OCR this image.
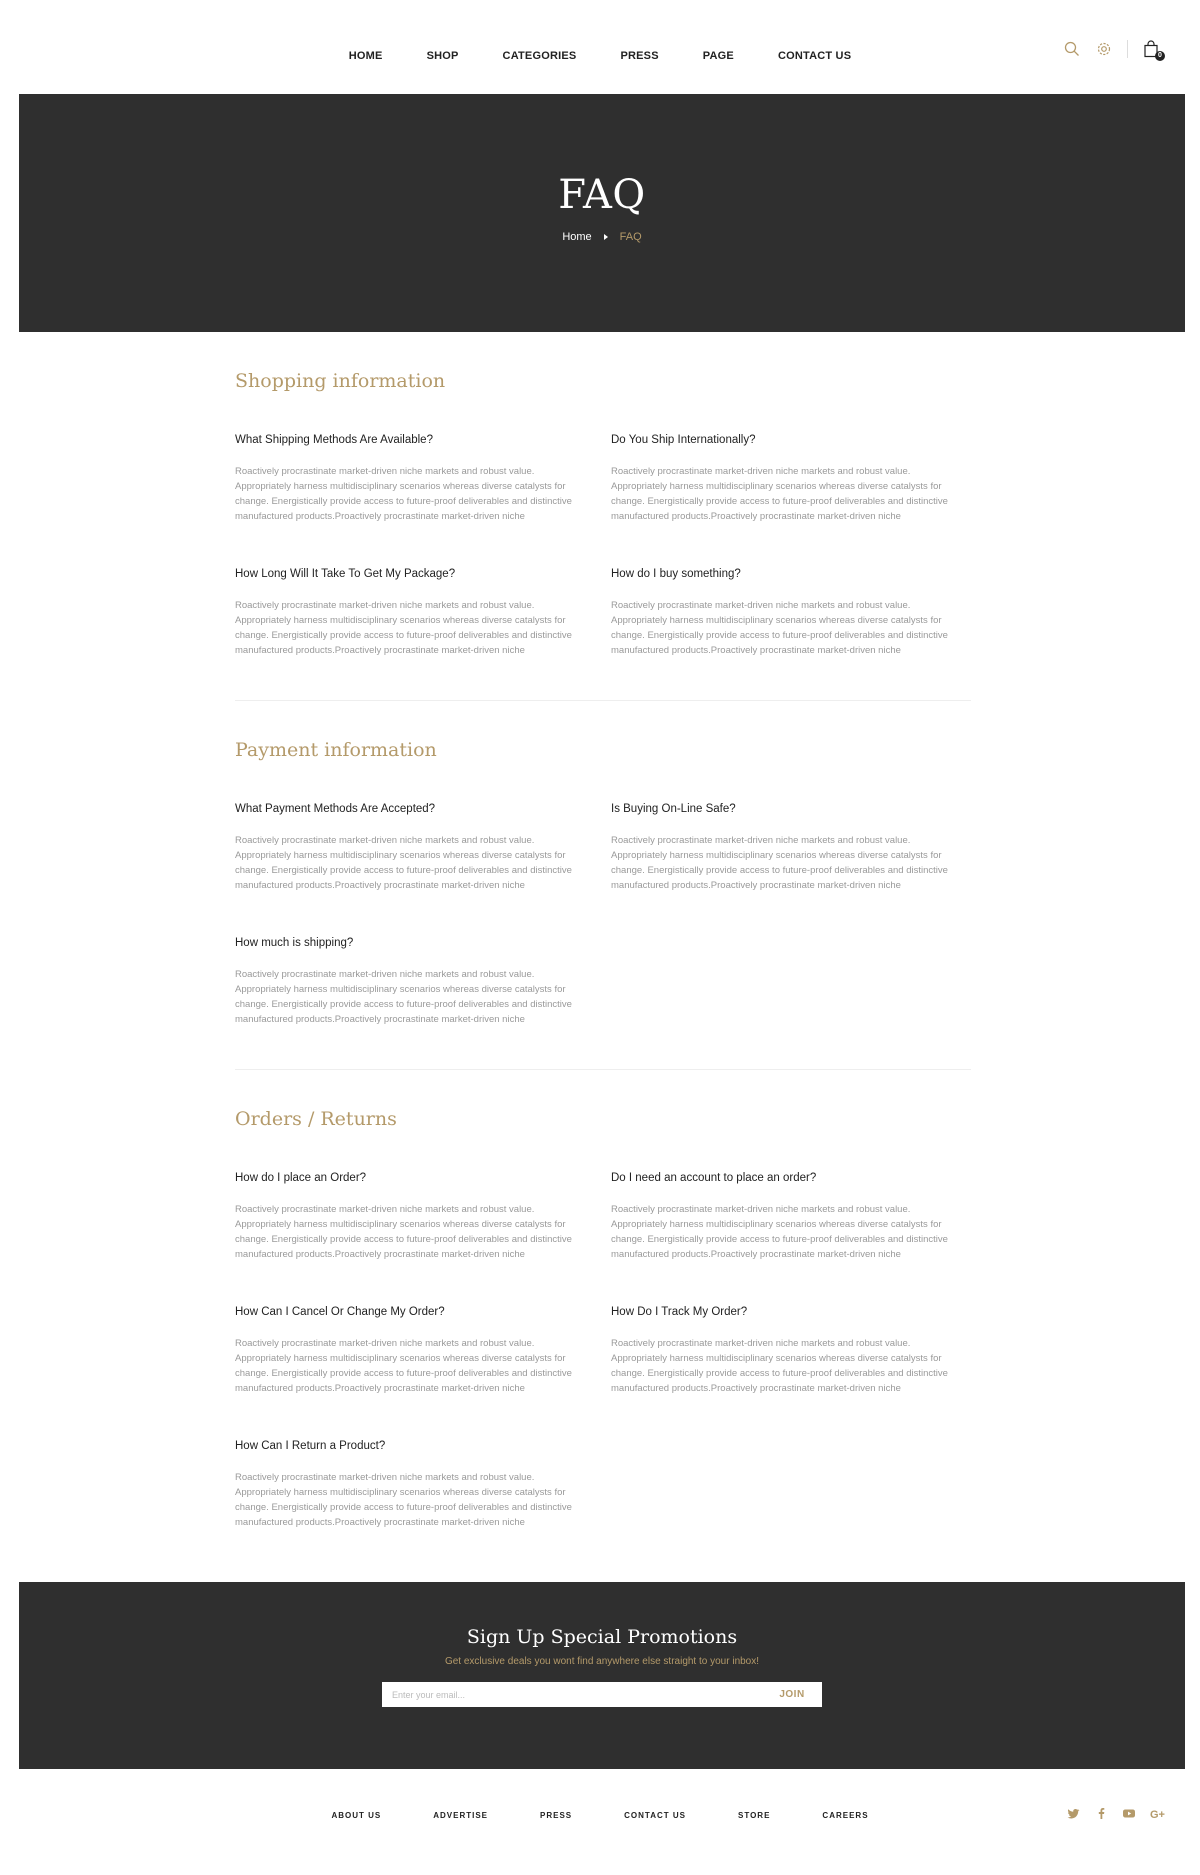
HOME	SHOP	CATEGORIES	PRESS	PAGE	CONTACT US	0
FAQ
Home	FAQ
Shopping information
What Shipping Methods Are Available?

Roactively procrastinate market-driven niche markets and robust value. Appropriately harness multidisciplinary scenarios whereas diverse catalysts for change. Energistically provide access to future-proof deliverables and distinctive manufactured products.Proactively procrastinate market-driven niche

Do You Ship Internationally?

Roactively procrastinate market-driven niche markets and robust value. Appropriately harness multidisciplinary scenarios whereas diverse catalysts for change. Energistically provide access to future-proof deliverables and distinctive manufactured products.Proactively procrastinate market-driven niche

How Long Will It Take To Get My Package?

Roactively procrastinate market-driven niche markets and robust value. Appropriately harness multidisciplinary scenarios whereas diverse catalysts for change. Energistically provide access to future-proof deliverables and distinctive manufactured products.Proactively procrastinate market-driven niche

How do I buy something?

Roactively procrastinate market-driven niche markets and robust value. Appropriately harness multidisciplinary scenarios whereas diverse catalysts for change. Energistically provide access to future-proof deliverables and distinctive manufactured products.Proactively procrastinate market-driven niche

Payment information
What Payment Methods Are Accepted?

Roactively procrastinate market-driven niche markets and robust value. Appropriately harness multidisciplinary scenarios whereas diverse catalysts for change. Energistically provide access to future-proof deliverables and distinctive manufactured products.Proactively procrastinate market-driven niche

Is Buying On-Line Safe?

Roactively procrastinate market-driven niche markets and robust value. Appropriately harness multidisciplinary scenarios whereas diverse catalysts for change. Energistically provide access to future-proof deliverables and distinctive manufactured products.Proactively procrastinate market-driven niche

How much is shipping?

Roactively procrastinate market-driven niche markets and robust value. Appropriately harness multidisciplinary scenarios whereas diverse catalysts for change. Energistically provide access to future-proof deliverables and distinctive manufactured products.Proactively procrastinate market-driven niche

Orders / Returns
How do I place an Order?

Roactively procrastinate market-driven niche markets and robust value. Appropriately harness multidisciplinary scenarios whereas diverse catalysts for change. Energistically provide access to future-proof deliverables and distinctive manufactured products.Proactively procrastinate market-driven niche

Do I need an account to place an order?

Roactively procrastinate market-driven niche markets and robust value. Appropriately harness multidisciplinary scenarios whereas diverse catalysts for change. Energistically provide access to future-proof deliverables and distinctive manufactured products.Proactively procrastinate market-driven niche

How Can I Cancel Or Change My Order?

Roactively procrastinate market-driven niche markets and robust value. Appropriately harness multidisciplinary scenarios whereas diverse catalysts for change. Energistically provide access to future-proof deliverables and distinctive manufactured products.Proactively procrastinate market-driven niche

How Do I Track My Order?

Roactively procrastinate market-driven niche markets and robust value. Appropriately harness multidisciplinary scenarios whereas diverse catalysts for change. Energistically provide access to future-proof deliverables and distinctive manufactured products.Proactively procrastinate market-driven niche

How Can I Return a Product?

Roactively procrastinate market-driven niche markets and robust value. Appropriately harness multidisciplinary scenarios whereas diverse catalysts for change. Energistically provide access to future-proof deliverables and distinctive manufactured products.Proactively procrastinate market-driven niche

Sign Up Special Promotions

Get exclusive deals you wont find anywhere else straight to your inbox!

Enter your email...
JOIN
ABOUT US	ADVERTISE	PRESS	CONTACT US	STORE	CAREERS	G+
